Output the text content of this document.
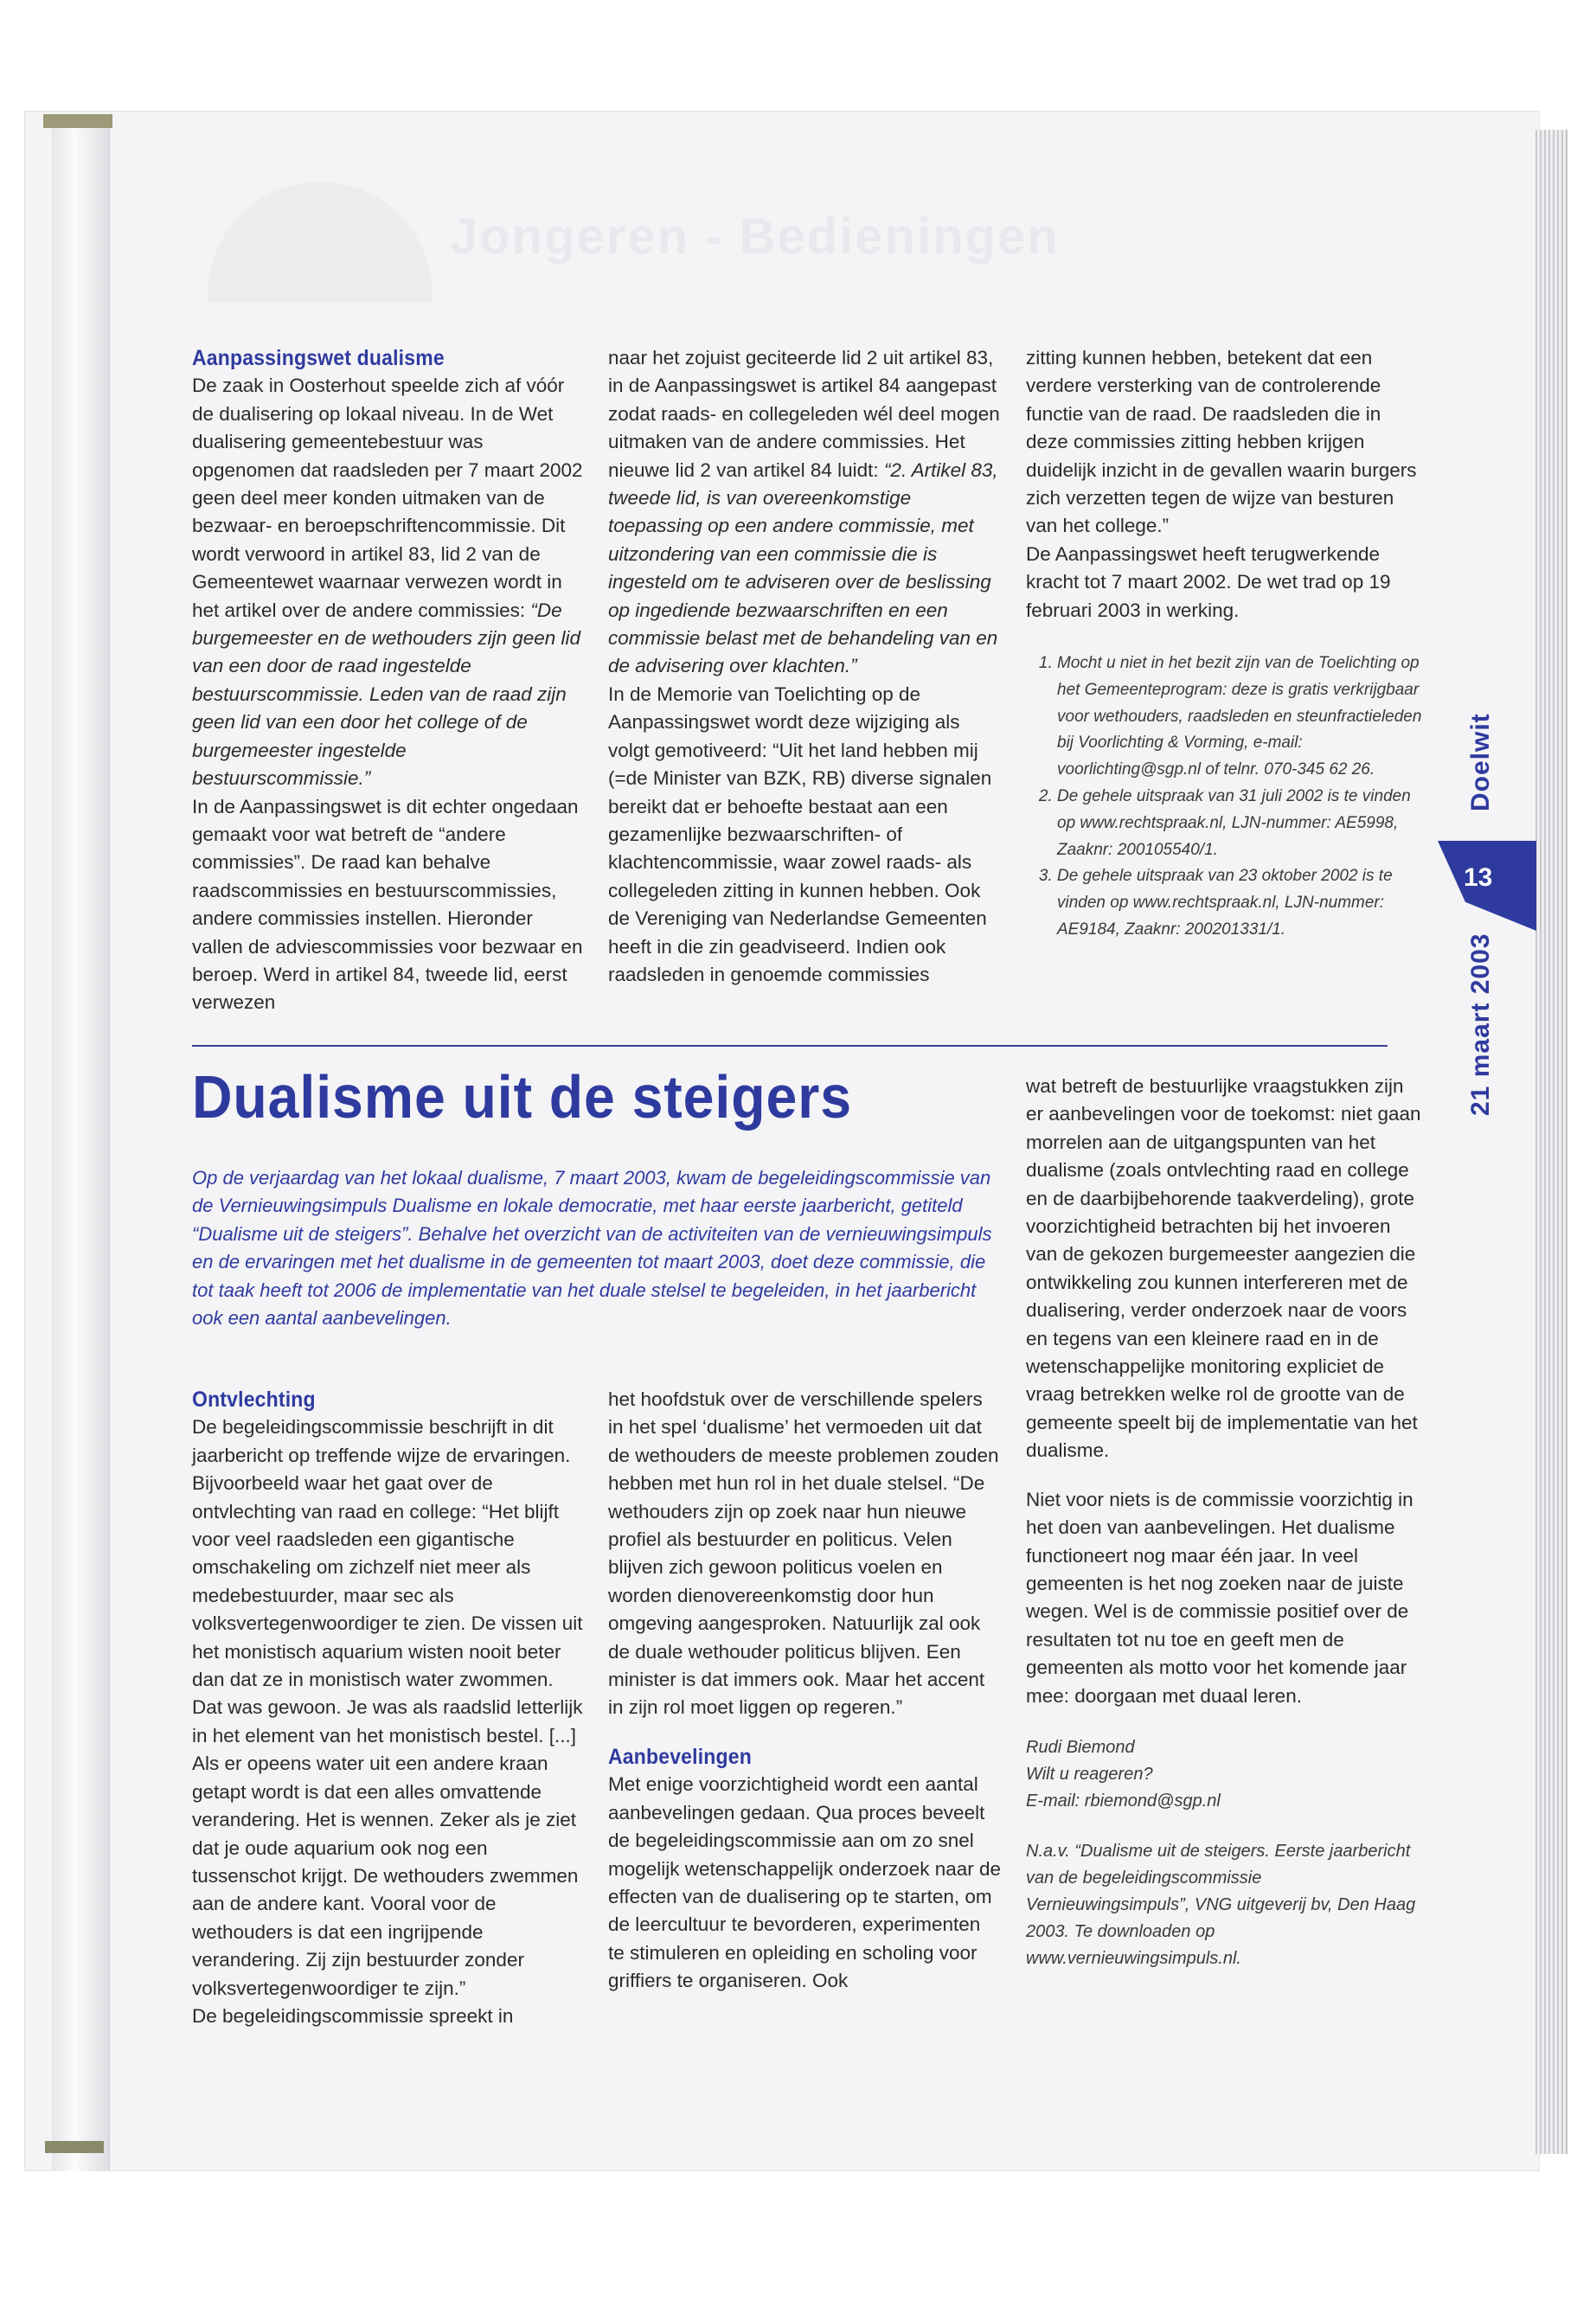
Jongeren - Bedieningen

Aanpassingswet dualisme

De zaak in Oosterhout speelde zich af vóór de dualisering op lokaal niveau. In de Wet dualisering gemeentebestuur was opgenomen dat raadsleden per 7 maart 2002 geen deel meer konden uitmaken van de bezwaar- en beroepschriftencommissie. Dit wordt verwoord in artikel 83, lid 2 van de Gemeentewet waarnaar verwezen wordt in het artikel over de andere commissies: “De burgemeester en de wethouders zijn geen lid van een door de raad ingestelde bestuurscommissie. Leden van de raad zijn geen lid van een door het college of de burgemeester ingestelde bestuurscommissie.”

In de Aanpassingswet is dit echter ongedaan gemaakt voor wat betreft de “andere commissies”. De raad kan behalve raadscommissies en bestuurscommissies, andere commissies instellen. Hieronder vallen de adviescommissies voor bezwaar en beroep. Werd in artikel 84, tweede lid, eerst verwezen

naar het zojuist geciteerde lid 2 uit artikel 83, in de Aanpassingswet is artikel 84 aangepast zodat raads- en collegeleden wél deel mogen uitmaken van de andere commissies. Het nieuwe lid 2 van artikel 84 luidt: “2. Artikel 83, tweede lid, is van overeenkomstige toepassing op een andere commissie, met uitzondering van een commissie die is ingesteld om te adviseren over de beslissing op ingediende bezwaarschriften en een commissie belast met de behandeling van en de advisering over klachten.”

In de Memorie van Toelichting op de Aanpassingswet wordt deze wijziging als volgt gemotiveerd: “Uit het land hebben mij (=de Minister van BZK, RB) diverse signalen bereikt dat er behoefte bestaat aan een gezamenlijke bezwaarschriften- of klachtencommissie, waar zowel raads- als collegeleden zitting in kunnen hebben. Ook de Vereniging van Nederlandse Gemeenten heeft in die zin geadviseerd. Indien ook raadsleden in genoemde commissies

zitting kunnen hebben, betekent dat een verdere versterking van de controlerende functie van de raad. De raadsleden die in deze commissies zitting hebben krijgen duidelijk inzicht in de gevallen waarin burgers zich verzetten tegen de wijze van besturen van het college.”

De Aanpassingswet heeft terugwerkende kracht tot 7 maart 2002. De wet trad op 19 februari 2003 in werking.

1. Mocht u niet in het bezit zijn van de Toelichting op het Gemeenteprogram: deze is gratis verkrijgbaar voor wethouders, raadsleden en steunfractieleden bij Voorlichting & Vorming, e-mail: voorlichting@sgp.nl of telnr. 070-345 62 26.
2. De gehele uitspraak van 31 juli 2002 is te vinden op www.rechtspraak.nl, LJN-nummer: AE5998, Zaaknr: 200105540/1.
3. De gehele uitspraak van 23 oktober 2002 is te vinden op www.rechtspraak.nl, LJN-nummer: AE9184, Zaaknr: 200201331/1.
Doelwit
13
21 maart 2003
Dualisme uit de steigers
Op de verjaardag van het lokaal dualisme, 7 maart 2003, kwam de begeleidingscommissie van de Vernieuwingsimpuls Dualisme en lokale democratie, met haar eerste jaarbericht, getiteld “Dualisme uit de steigers”. Behalve het overzicht van de activiteiten van de vernieuwingsimpuls en de ervaringen met het dualisme in de gemeenten tot maart 2003, doet deze commissie, die tot taak heeft tot 2006 de implementatie van het duale stelsel te begeleiden, in het jaarbericht ook een aantal aanbevelingen.

Ontvlechting

De begeleidingscommissie beschrijft in dit jaarbericht op treffende wijze de ervaringen. Bijvoorbeeld waar het gaat over de ontvlechting van raad en college: “Het blijft voor veel raadsleden een gigantische omschakeling om zichzelf niet meer als medebestuurder, maar sec als volksvertegenwoordiger te zien. De vissen uit het monistisch aquarium wisten nooit beter dan dat ze in monistisch water zwommen. Dat was gewoon. Je was als raadslid letterlijk in het element van het monistisch bestel. [...] Als er opeens water uit een andere kraan getapt wordt is dat een alles omvattende verandering. Het is wennen. Zeker als je ziet dat je oude aquarium ook nog een tussenschot krijgt. De wethouders zwemmen aan de andere kant. Vooral voor de wethouders is dat een ingrijpende verandering. Zij zijn bestuurder zonder volksvertegenwoordiger te zijn.”

De begeleidingscommissie spreekt in

het hoofdstuk over de verschillende spelers in het spel ‘dualisme’ het vermoeden uit dat de wethouders de meeste problemen zouden hebben met hun rol in het duale stelsel. “De wethouders zijn op zoek naar hun nieuwe profiel als bestuurder en politicus. Velen blijven zich gewoon politicus voelen en worden dienovereenkomstig door hun omgeving aangesproken. Natuurlijk zal ook de duale wethouder politicus blijven. Een minister is dat immers ook. Maar het accent in zijn rol moet liggen op regeren.”

Aanbevelingen

Met enige voorzichtigheid wordt een aantal aanbevelingen gedaan. Qua proces beveelt de begeleidingscommissie aan om zo snel mogelijk wetenschappelijk onderzoek naar de effecten van de dualisering op te starten, om de leercultuur te bevorderen, experimenten te stimuleren en opleiding en scholing voor griffiers te organiseren. Ook

wat betreft de bestuurlijke vraagstukken zijn er aanbevelingen voor de toekomst: niet gaan morrelen aan de uitgangspunten van het dualisme (zoals ontvlechting raad en college en de daarbijbehorende taakverdeling), grote voorzichtigheid betrachten bij het invoeren van de gekozen burgemeester aangezien die ontwikkeling zou kunnen interfereren met de dualisering, verder onderzoek naar de voors en tegens van een kleinere raad en in de wetenschappelijke monitoring expliciet de vraag betrekken welke rol de grootte van de gemeente speelt bij de implementatie van het dualisme.

Niet voor niets is de commissie voorzichtig in het doen van aanbevelingen. Het dualisme functioneert nog maar één jaar. In veel gemeenten is het nog zoeken naar de juiste wegen. Wel is de commissie positief over de resultaten tot nu toe en geeft men de gemeenten als motto voor het komende jaar mee: doorgaan met duaal leren.

Rudi Biemond
Wilt u reageren?
E-mail: rbiemond@sgp.nl
N.a.v. “Dualisme uit de steigers. Eerste jaarbericht van de begeleidingscommissie Vernieuwingsimpuls”, VNG uitgeverij bv, Den Haag 2003. Te downloaden op www.vernieuwingsimpuls.nl.
